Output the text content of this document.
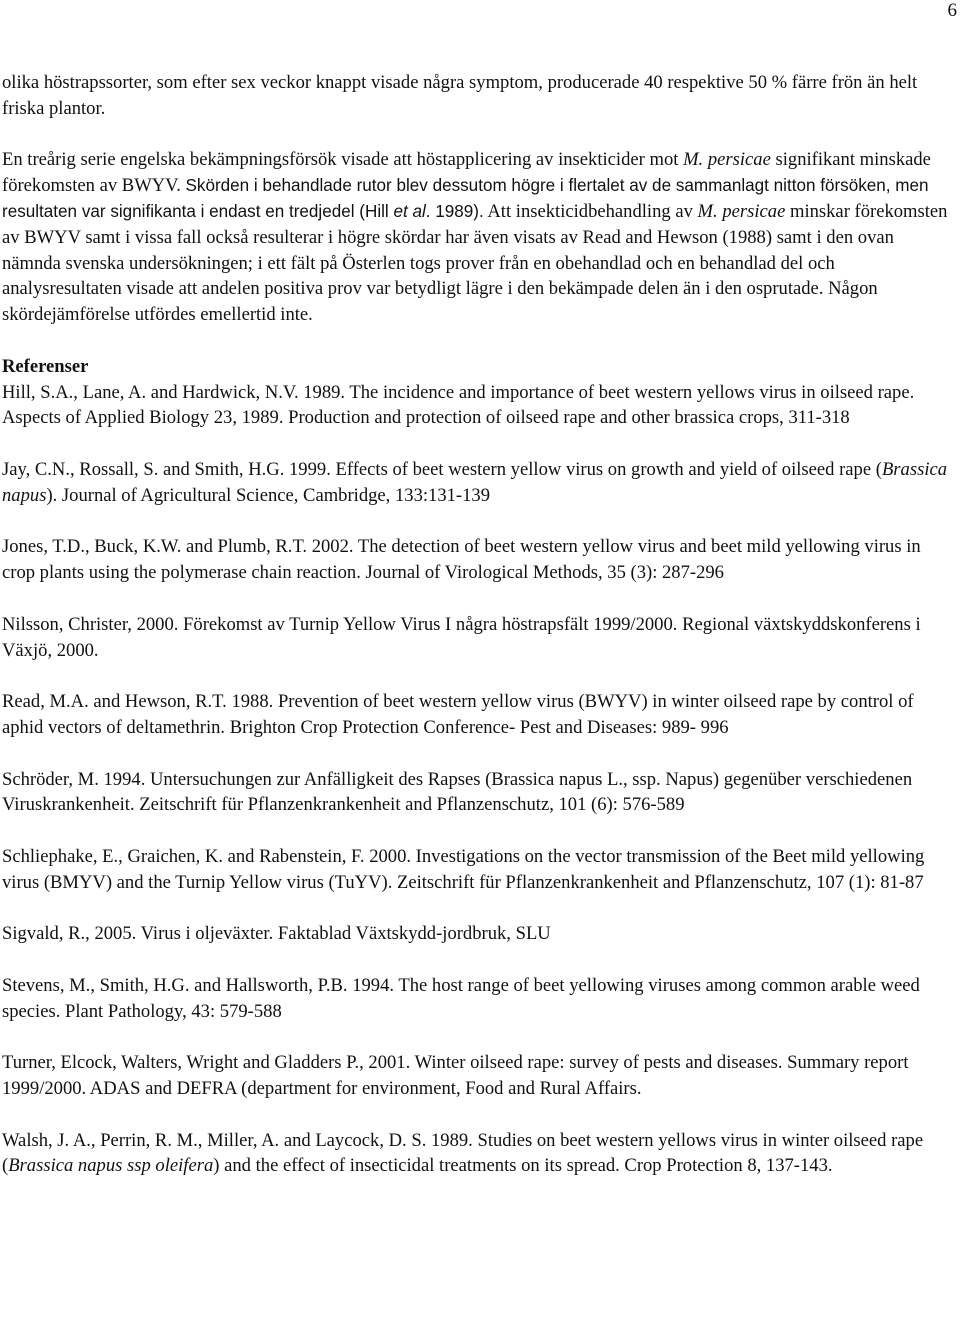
6

olika höstrapssorter, som efter sex veckor knappt visade några symptom, producerade 40 respektive 50 % färre frön än helt friska plantor.

En treårig serie engelska bekämpningsförsök visade att höstapplicering av insekticider mot M. persicae signifikant minskade förekomsten av BWYV. Skörden i behandlade rutor blev dessutom högre i flertalet av de sammanlagt nitton försöken, men resultaten var signifikanta i endast en tredjedel (Hill et al. 1989). Att insekticidbehandling av M. persicae minskar förekomsten av BWYV samt i vissa fall också resulterar i högre skördar har även visats av Read and Hewson (1988) samt i den ovan nämnda svenska undersökningen; i ett fält på Österlen togs prover från en obehandlad och en behandlad del och analysresultaten visade att andelen positiva prov var betydligt lägre i den bekämpade delen än i den osprutade. Någon skördejämförelse utfördes emellertid inte.

Referenser

Hill, S.A., Lane, A. and Hardwick, N.V. 1989. The incidence and importance of beet western yellows virus in oilseed rape. Aspects of Applied Biology 23, 1989. Production and protection of oilseed rape and other brassica crops, 311-318

Jay, C.N., Rossall, S. and Smith, H.G. 1999. Effects of beet western yellow virus on growth and yield of oilseed rape (Brassica napus). Journal of Agricultural Science, Cambridge, 133:131-139

Jones, T.D., Buck, K.W. and Plumb, R.T. 2002. The detection of beet western yellow virus and beet mild yellowing virus in crop plants using the polymerase chain reaction. Journal of Virological Methods, 35 (3): 287-296

Nilsson, Christer, 2000. Förekomst av Turnip Yellow Virus I några höstrapsfält 1999/2000. Regional växtskyddskonferens i Växjö, 2000.

Read, M.A. and Hewson, R.T. 1988. Prevention of beet western yellow virus (BWYV) in winter oilseed rape by control of aphid vectors of deltamethrin. Brighton Crop Protection Conference- Pest and Diseases: 989- 996

Schröder, M. 1994. Untersuchungen zur Anfälligkeit des Rapses (Brassica napus L., ssp. Napus) gegenüber verschiedenen Viruskrankenheit. Zeitschrift für Pflanzenkrankenheit and Pflanzenschutz, 101 (6): 576-589

Schliephake, E., Graichen, K. and Rabenstein, F. 2000. Investigations on the vector transmission of the Beet mild yellowing virus (BMYV) and the Turnip Yellow virus (TuYV). Zeitschrift für Pflanzenkrankenheit and Pflanzenschutz, 107 (1): 81-87

Sigvald, R., 2005. Virus i oljeväxter. Faktablad Växtskydd-jordbruk, SLU

Stevens, M., Smith, H.G. and Hallsworth, P.B. 1994. The host range of beet yellowing viruses among common arable weed species. Plant Pathology, 43: 579-588

Turner, Elcock, Walters, Wright and Gladders P., 2001. Winter oilseed rape: survey of pests and diseases. Summary report 1999/2000. ADAS and DEFRA (department for environment, Food and Rural Affairs.

Walsh, J. A., Perrin, R. M., Miller, A. and Laycock, D. S. 1989. Studies on beet western yellows virus in winter oilseed rape (Brassica napus ssp oleifera) and the effect of insecticidal treatments on its spread. Crop Protection 8, 137-143.
